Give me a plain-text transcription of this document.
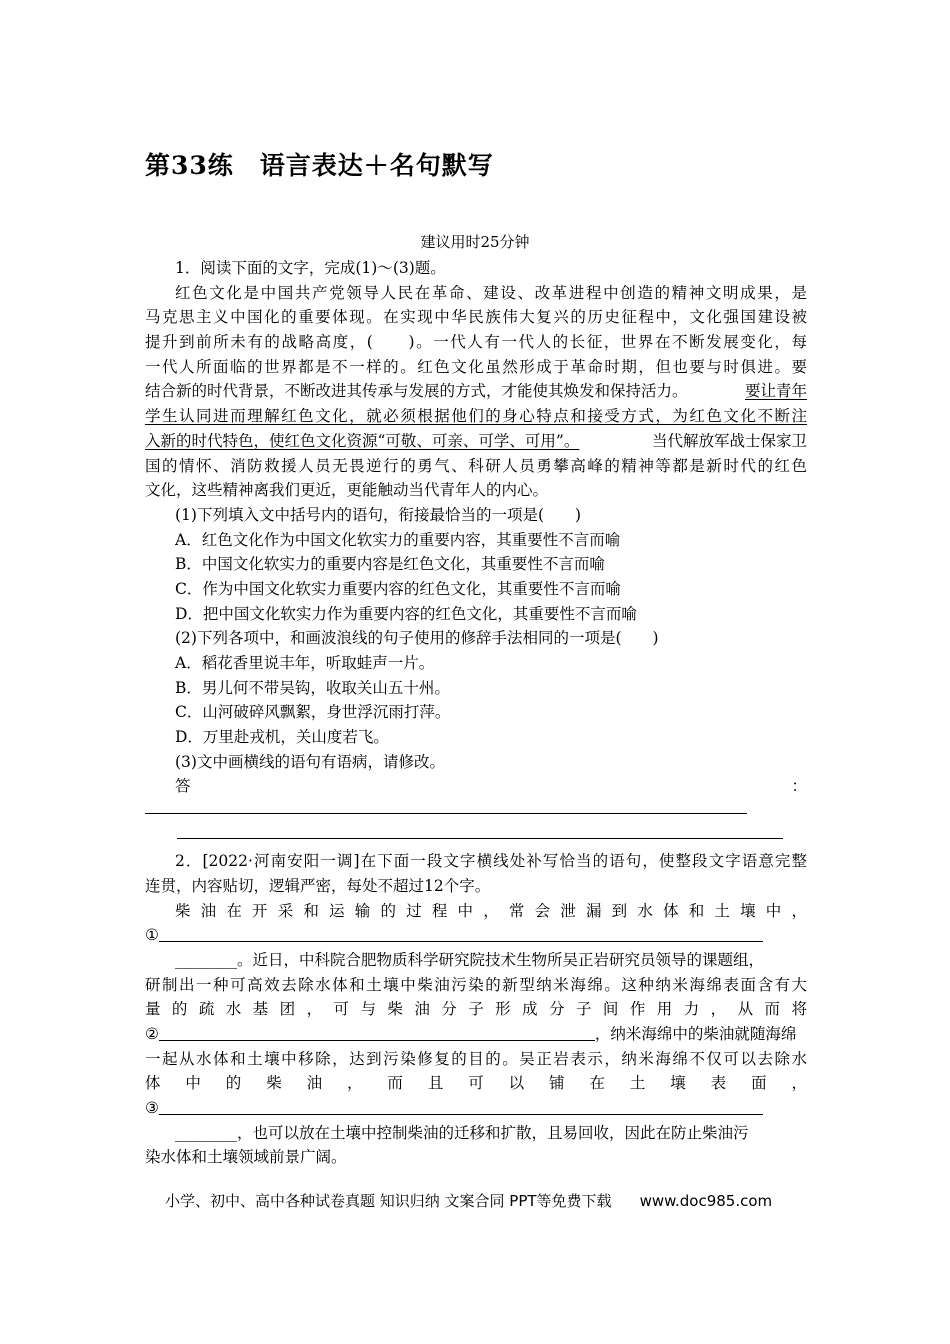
第33练　语言表达＋名句默写

建议用时25分钟

1．阅读下面的文字，完成(1)～(3)题。
红色文化是中国共产党领导人民在革命、建设、改革进程中创造的精神文明成果，是
马克思主义中国化的重要体现。在实现中华民族伟大复兴的历史征程中，文化强国建设被
提升到前所未有的战略高度，(　　)。一代人有一代人的长征，世界在不断发展变化，每
一代人所面临的世界都是不一样的。红色文化虽然形成于革命时期，但也要与时俱进。要
结合新的时代背景，不断改进其传承与发展的方式，才能使其焕发和保持活力。	要让青年
学生认同进而理解红色文化，就必须根据他们的身心特点和接受方式，为红色文化不断注
入新的时代特色，使红色文化资源“可敬、可亲、可学、可用”。	当代解放军战士保家卫
国的情怀、消防救援人员无畏逆行的勇气、科研人员勇攀高峰的精神等都是新时代的红色
文化，这些精神离我们更近，更能触动当代青年人的内心。
(1)下列填入文中括号内的语句，衔接最恰当的一项是(　　)
A．红色文化作为中国文化软实力的重要内容，其重要性不言而喻
B．中国文化软实力的重要内容是红色文化，其重要性不言而喻
C．作为中国文化软实力重要内容的红色文化，其重要性不言而喻
D．把中国文化软实力作为重要内容的红色文化，其重要性不言而喻
(2)下列各项中，和画波浪线的句子使用的修辞手法相同的一项是(　　)
A．稻花香里说丰年，听取蛙声一片。
B．男儿何不带吴钩，收取关山五十州。
C．山河破碎风飘絮，身世浮沉雨打萍。
D．万里赴戎机，关山度若飞。
(3)文中画横线的语句有语病，请修改。
答	：
2．[2022·河南安阳一调]在下面一段文字横线处补写恰当的语句，使整段文字语意完整
连贯，内容贴切，逻辑严密，每处不超过12个字。
柴油在开采和运输的过程中，常会泄漏到水体和土壤中，
①
________。近日，中科院合肥物质科学研究院技术生物所吴正岩研究员领导的课题组，
研制出一种可高效去除水体和土壤中柴油污染的新型纳米海绵。这种纳米海绵表面含有大
量的疏水基团，可与柴油分子形成分子间作用力，从而将
②	，纳米海绵中的柴油就随海绵
一起从水体和土壤中移除，达到污染修复的目的。吴正岩表示，纳米海绵不仅可以去除水
体中的柴油，而且可以铺在土壤表面，
③
________，也可以放在土壤中控制柴油的迁移和扩散，且易回收，因此在防止柴油污
染水体和土壤领域前景广阔。
小学、初中、高中各种试卷真题 知识归纳 文案合同 PPT等免费下载 www.doc985.com
